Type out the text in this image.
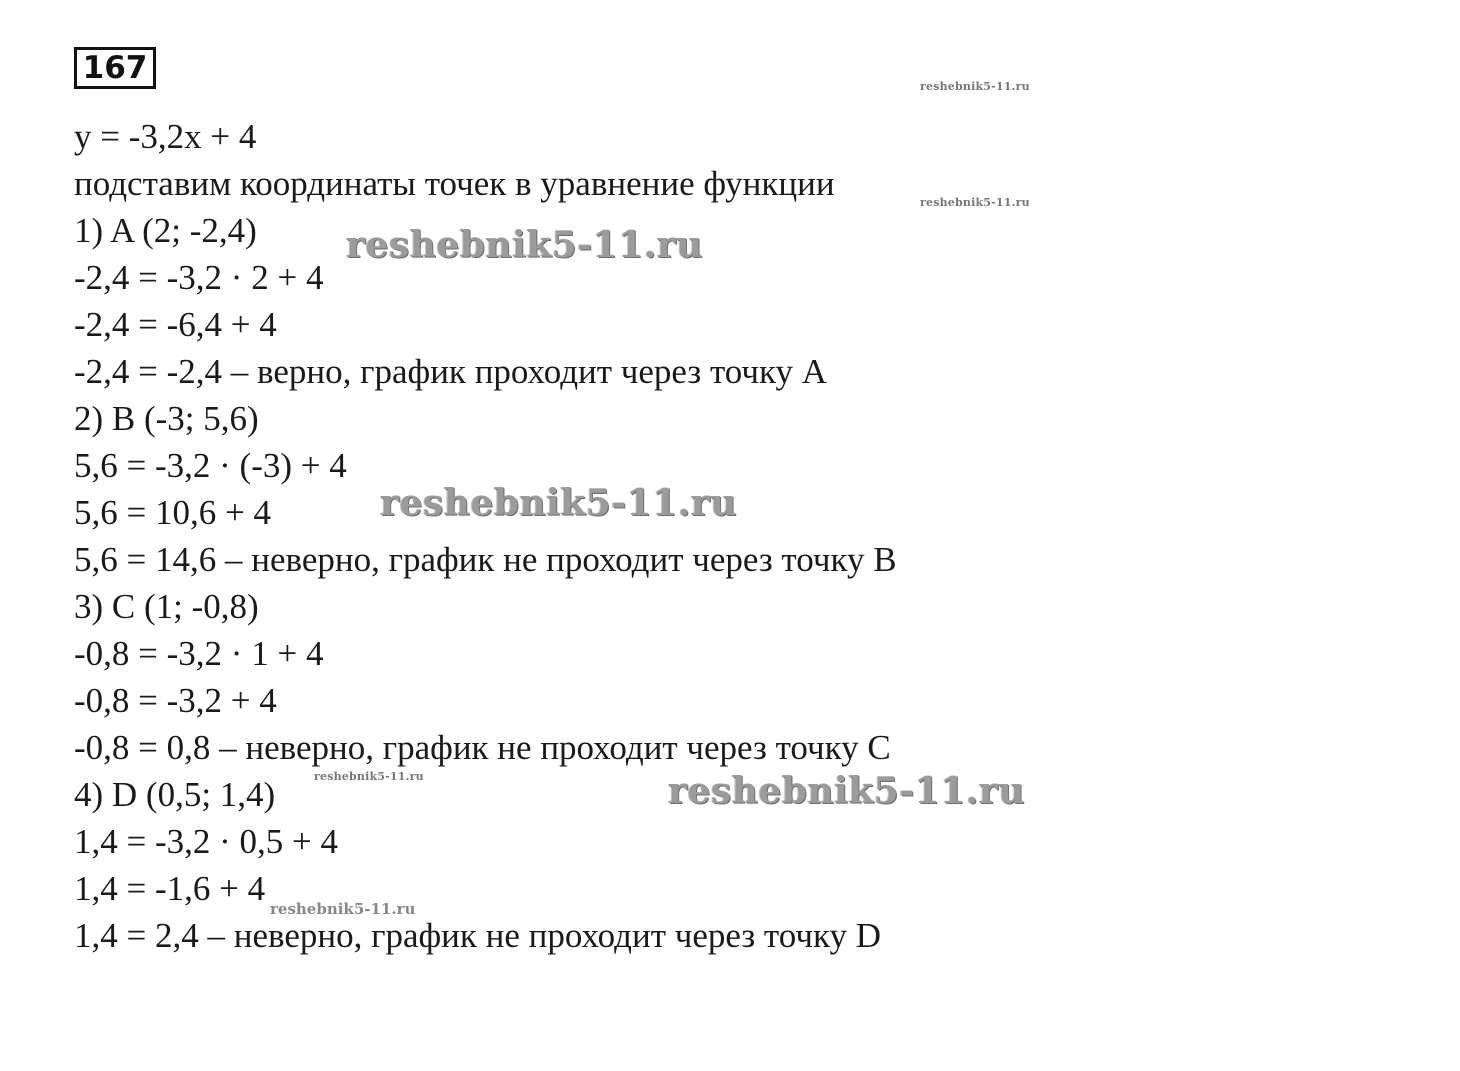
167
y = -3,2x + 4
подставим координаты точек в уравнение функции
1) A (2; -2,4)
-2,4 = -3,2 · 2 + 4
-2,4 = -6,4 + 4
-2,4 = -2,4 – верно, график проходит через точку A
2) B (-3; 5,6)
5,6 = -3,2 · (-3) + 4
5,6 = 10,6 + 4
5,6 = 14,6 – неверно, график не проходит через точку B
3) C (1; -0,8)
-0,8 = -3,2 · 1 + 4
-0,8 = -3,2 + 4
-0,8 = 0,8 – неверно, график не проходит через точку C
4) D (0,5; 1,4)
1,4 = -3,2 · 0,5 + 4
1,4 = -1,6 + 4
1,4 = 2,4 – неверно, график не проходит через точку D
reshebnik5-11.ru
reshebnik5-11.ru
reshebnik5-11.ru
reshebnik5-11.ru
reshebnik5-11.ru
reshebnik5-11.ru
reshebnik5-11.ru
